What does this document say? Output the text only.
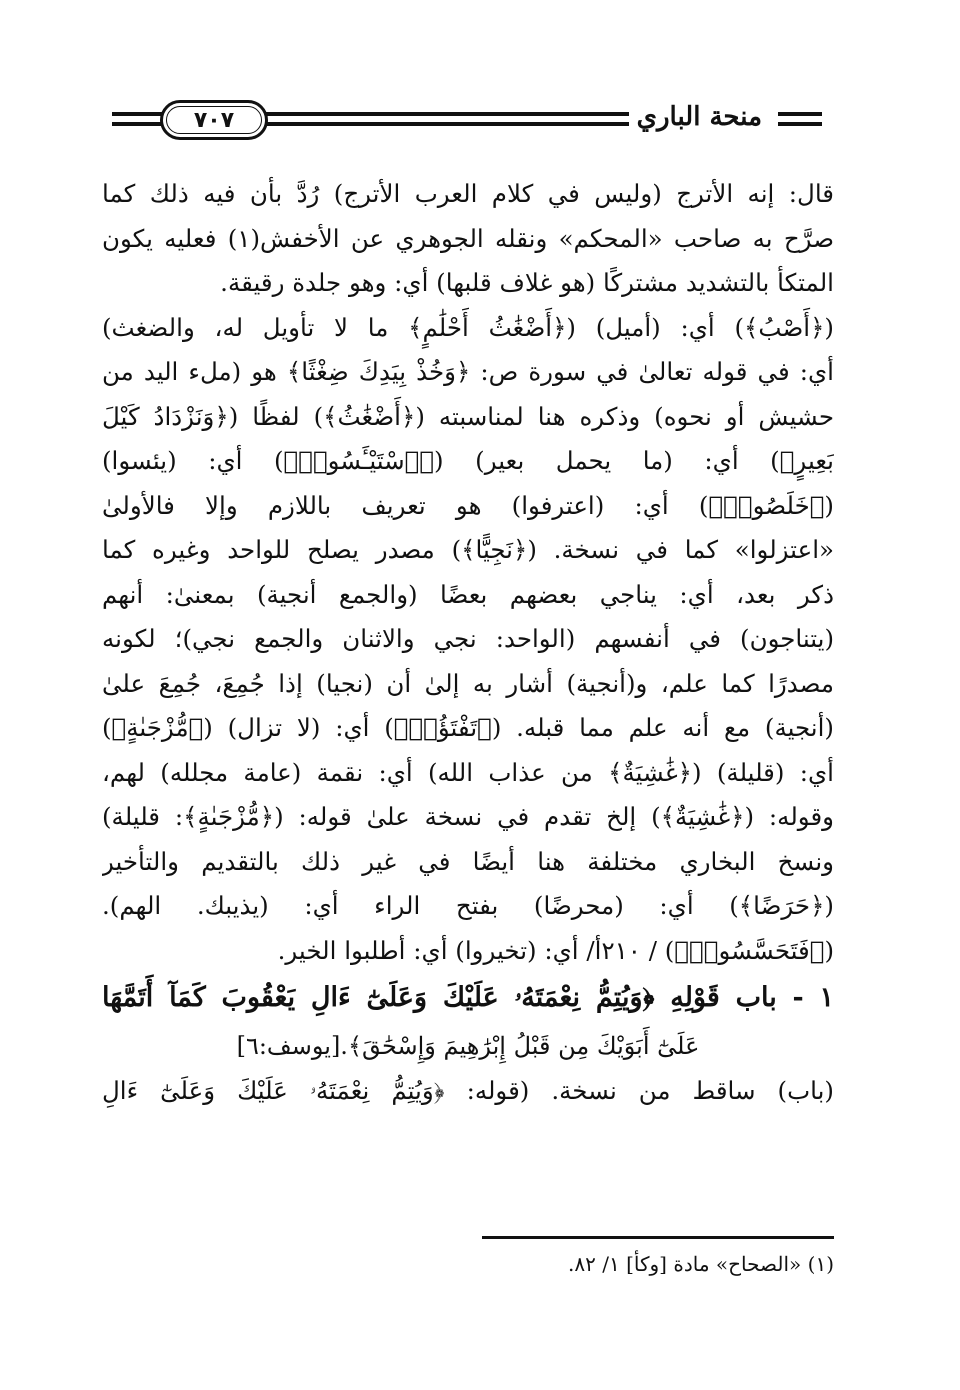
٧٠٧	منحة الباري
قال: إنه الأترج (وليس في كلام العرب الأترج) رُدَّ بأن فيه ذلك كما
صرَّح به صاحب «المحكم» ونقله الجوهري عن الأخفش(١) فعليه يكون
المتكأ بالتشديد مشتركًا (هو غلاف قلبها) أي: وهو جلدة رقيقة.
(﴿أَصْبُ﴾) أي: (أميل) (﴿أَضْغَٰثُ أَحْلَٰمٍ﴾ ما لا تأويل له، والضغث)
أي: في قوله تعالىٰ في سورة ص: ﴿وَخُذْ بِيَدِكَ ضِغْثًا﴾ هو (ملء اليد من
حشيش أو نحوه) وذكره هنا لمناسبته (﴿أَضْغَٰثُ﴾) لفظًا (﴿وَنَزْدَادُ كَيْلَ
بَعِيرٍ﴾) أي: (ما يحمل بعير) (﴿ٱسْتَيْـَٔسُوا۟﴾) أي: (يئسوا)
(﴿خَلَصُوا۟﴾) أي: (اعترفوا) هو تعريف باللازم وإلا فالأولىٰ
«اعتزلوا» كما في نسخة. (﴿نَجِيًّا﴾) مصدر يصلح للواحد وغيره كما
ذكر بعد، أي: يناجي بعضهم بعضًا (والجمع أنجية) بمعنىٰ: أنهم
(يتناجون) في أنفسهم (الواحد: نجي والاثنان والجمع نجي)؛ لكونه
مصدرًا كما علم، و(أنجية) أشار به إلىٰ أن (نجيا) إذا جُمِعَ، جُمِعَ علىٰ
(أنجية) مع أنه علم مما قبله. (﴿تَفْتَؤُا۟﴾) أي: (لا تزال) (﴿مُّزْجَىٰةٍ﴾)
أي: (قليلة) (﴿غَٰشِيَةٌ﴾ من عذاب الله) أي: نقمة (عامة مجلله) لهم،
وقوله: (﴿غَٰشِيَةٌ﴾) إلخ تقدم في نسخة علىٰ قوله: (﴿مُّزْجَىٰةٍ﴾: قليلة)
ونسخ البخاري مختلفة هنا أيضًا في غير ذلك بالتقديم والتأخير
(﴿حَرَضًا﴾) أي: (محرضًا) بفتح الراء أي: (يذيبك. الهم).
(﴿فَتَحَسَّسُوا۟﴾) / ٢١٠أ/ أي: (تخيروا) أي: أطلبوا الخير.
١ - باب قَوْلِهِ ﴿وَيُتِمُّ نِعْمَتَهُۥ عَلَيْكَ وَعَلَىٰٓ ءَالِ يَعْقُوبَ كَمَآ أَتَمَّهَا
عَلَىٰٓ أَبَوَيْكَ مِن قَبْلُ إِبْرَٰهِيمَ وَإِسْحَٰقَ﴾.[يوسف:٦]
(باب) ساقط من نسخة. (قوله: ﴿وَيُتِمُّ نِعْمَتَهُۥ عَلَيْكَ وَعَلَىٰٓ ءَالِ
(١) «الصحاح» مادة [وكأ] ١/ ٨٢.
